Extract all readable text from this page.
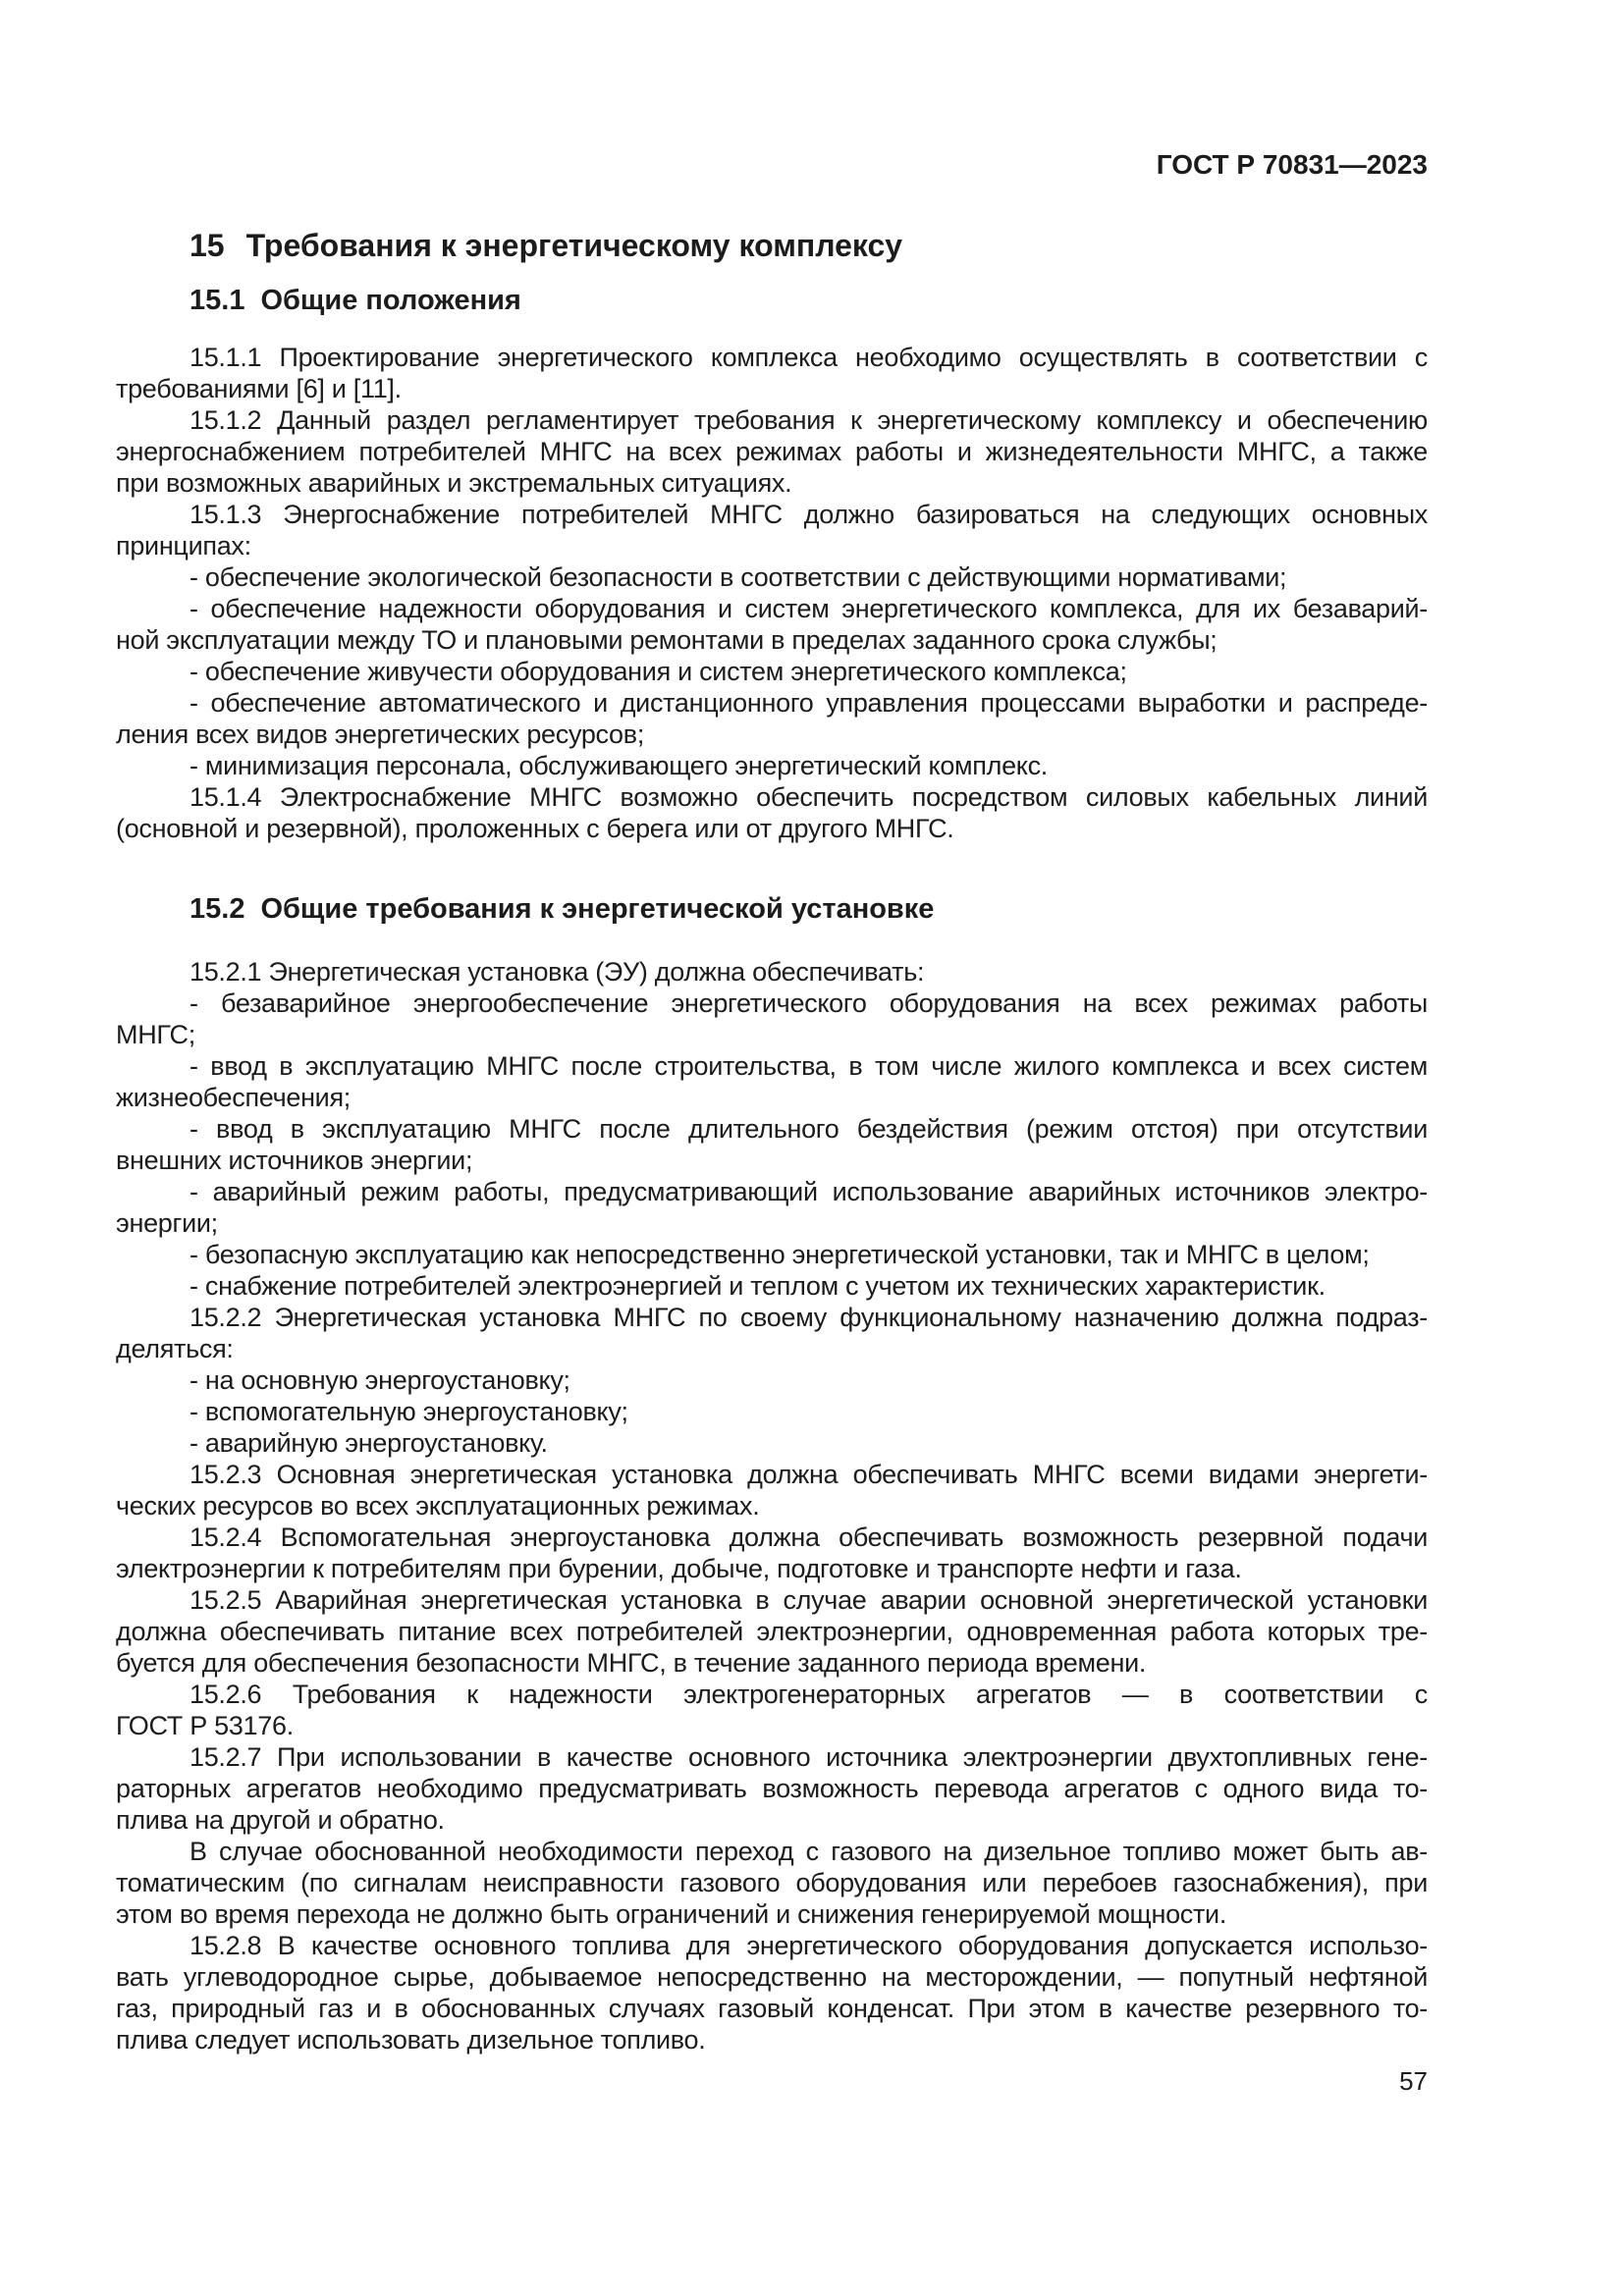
ГОСТ Р 70831—2023
15 Требования к энергетическому комплексу
15.1 Общие положения
15.1.1 Проектирование энергетического комплекса необходимо осуществлять в соответствии с
требованиями [6] и [11].
15.1.2 Данный раздел регламентирует требования к энергетическому комплексу и обеспечению
энергоснабжением потребителей МНГС на всех режимах работы и жизнедеятельности МНГС, а также
при возможных аварийных и экстремальных ситуациях.
15.1.3 Энергоснабжение потребителей МНГС должно базироваться на следующих основных
принципах:
- обеспечение экологической безопасности в соответствии с действующими нормативами;
- обеспечение надежности оборудования и систем энергетического комплекса, для их безаварий-
ной эксплуатации между ТО и плановыми ремонтами в пределах заданного срока службы;
- обеспечение живучести оборудования и систем энергетического комплекса;
- обеспечение автоматического и дистанционного управления процессами выработки и распреде-
ления всех видов энергетических ресурсов;
- минимизация персонала, обслуживающего энергетический комплекс.
15.1.4 Электроснабжение МНГС возможно обеспечить посредством силовых кабельных линий
(основной и резервной), проложенных с берега или от другого МНГС.
15.2 Общие требования к энергетической установке
15.2.1 Энергетическая установка (ЭУ) должна обеспечивать:
- безаварийное энергообеспечение энергетического оборудования на всех режимах работы
МНГС;
- ввод в эксплуатацию МНГС после строительства, в том числе жилого комплекса и всех систем
жизнеобеспечения;
- ввод в эксплуатацию МНГС после длительного бездействия (режим отстоя) при отсутствии
внешних источников энергии;
- аварийный режим работы, предусматривающий использование аварийных источников электро-
энергии;
- безопасную эксплуатацию как непосредственно энергетической установки, так и МНГС в целом;
- снабжение потребителей электроэнергией и теплом с учетом их технических характеристик.
15.2.2 Энергетическая установка МНГС по своему функциональному назначению должна подраз-
деляться:
- на основную энергоустановку;
- вспомогательную энергоустановку;
- аварийную энергоустановку.
15.2.3 Основная энергетическая установка должна обеспечивать МНГС всеми видами энергети-
ческих ресурсов во всех эксплуатационных режимах.
15.2.4 Вспомогательная энергоустановка должна обеспечивать возможность резервной подачи
электроэнергии к потребителям при бурении, добыче, подготовке и транспорте нефти и газа.
15.2.5 Аварийная энергетическая установка в случае аварии основной энергетической установки
должна обеспечивать питание всех потребителей электроэнергии, одновременная работа которых тре-
буется для обеспечения безопасности МНГС, в течение заданного периода времени.
15.2.6 Требования к надежности электрогенераторных агрегатов — в соответствии с
ГОСТ Р 53176.
15.2.7 При использовании в качестве основного источника электроэнергии двухтопливных гене-
раторных агрегатов необходимо предусматривать возможность перевода агрегатов с одного вида то-
плива на другой и обратно.
В случае обоснованной необходимости переход с газового на дизельное топливо может быть ав-
томатическим (по сигналам неисправности газового оборудования или перебоев газоснабжения), при
этом во время перехода не должно быть ограничений и снижения генерируемой мощности.
15.2.8 В качестве основного топлива для энергетического оборудования допускается использо-
вать углеводородное сырье, добываемое непосредственно на месторождении, — попутный нефтяной
газ, природный газ и в обоснованных случаях газовый конденсат. При этом в качестве резервного то-
плива следует использовать дизельное топливо.
57
